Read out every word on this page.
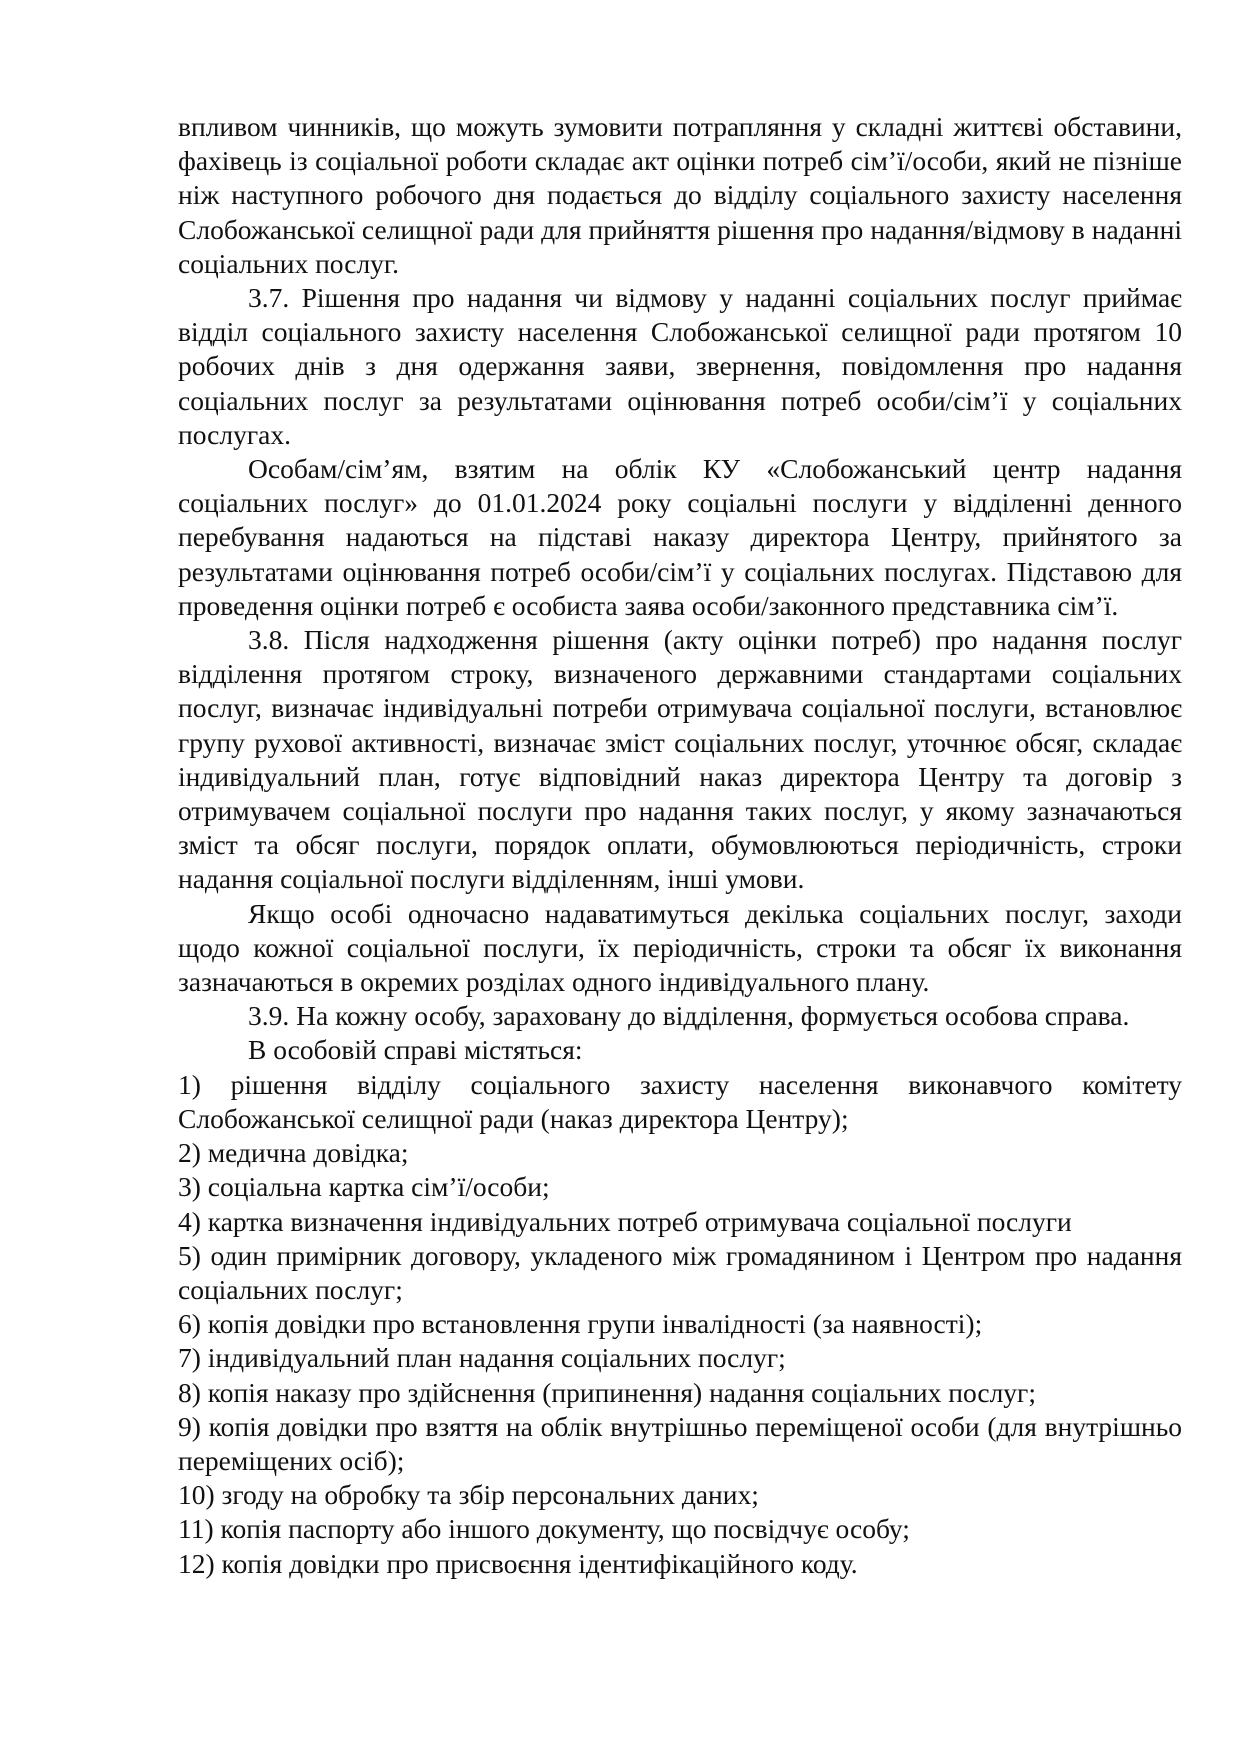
впливом чинників, що можуть зумовити потрапляння у складні життєві обставини, фахівець із соціальної роботи складає акт оцінки потреб сім’ї/особи, який не пізніше ніж наступного робочого дня подається до відділу соціального захисту населення Слобожанської селищної ради для прийняття рішення про надання/відмову в наданні соціальних послуг.

3.7. Рішення про надання чи відмову у наданні соціальних послуг приймає відділ соціального захисту населення Слобожанської селищної ради протягом 10 робочих днів з дня одержання заяви, звернення, повідомлення про надання соціальних послуг за результатами оцінювання потреб особи/сім’ї у соціальних послугах.

Особам/сім’ям, взятим на облік КУ «Слобожанський центр надання соціальних послуг» до 01.01.2024 року соціальні послуги у відділенні денного перебування надаються на підставі наказу директора Центру, прийнятого за результатами оцінювання потреб особи/сім’ї у соціальних послугах. Підставою для проведення оцінки потреб є особиста заява особи/законного представника сім’ї.

3.8. Після надходження рішення (акту оцінки потреб) про надання послуг відділення протягом строку, визначеного державними стандартами соціальних послуг, визначає індивідуальні потреби отримувача соціальної послуги, встановлює групу рухової активності, визначає зміст соціальних послуг, уточнює обсяг, складає індивідуальний план, готує відповідний наказ директора Центру та договір з отримувачем соціальної послуги про надання таких послуг, у якому зазначаються зміст та обсяг послуги, порядок оплати, обумовлюються періодичність, строки надання соціальної послуги відділенням, інші умови.

Якщо особі одночасно надаватимуться декілька соціальних послуг, заходи щодо кожної соціальної послуги, їх періодичність, строки та обсяг їх виконання зазначаються в окремих розділах одного індивідуального плану.

3.9. На кожну особу, зараховану до відділення, формується особова справа.

В особовій справі містяться:

1) рішення відділу соціального захисту населення виконавчого комітету Слобожанської селищної ради (наказ директора Центру);

2) медична довідка;

3) соціальна картка сім’ї/особи;

4) картка визначення індивідуальних потреб отримувача соціальної послуги

5) один примірник договору, укладеного між громадянином і Центром про надання соціальних послуг;

6) копія довідки про встановлення групи інвалідності (за наявності);

7) індивідуальний план надання соціальних послуг;

8) копія наказу про здійснення (припинення) надання соціальних послуг;

9) копія довідки про взяття на облік внутрішньо переміщеної особи (для внутрішньо переміщених осіб);

10) згоду на обробку та збір персональних даних;

11) копія паспорту або іншого документу, що посвідчує особу;

12) копія довідки про присвоєння ідентифікаційного коду.
